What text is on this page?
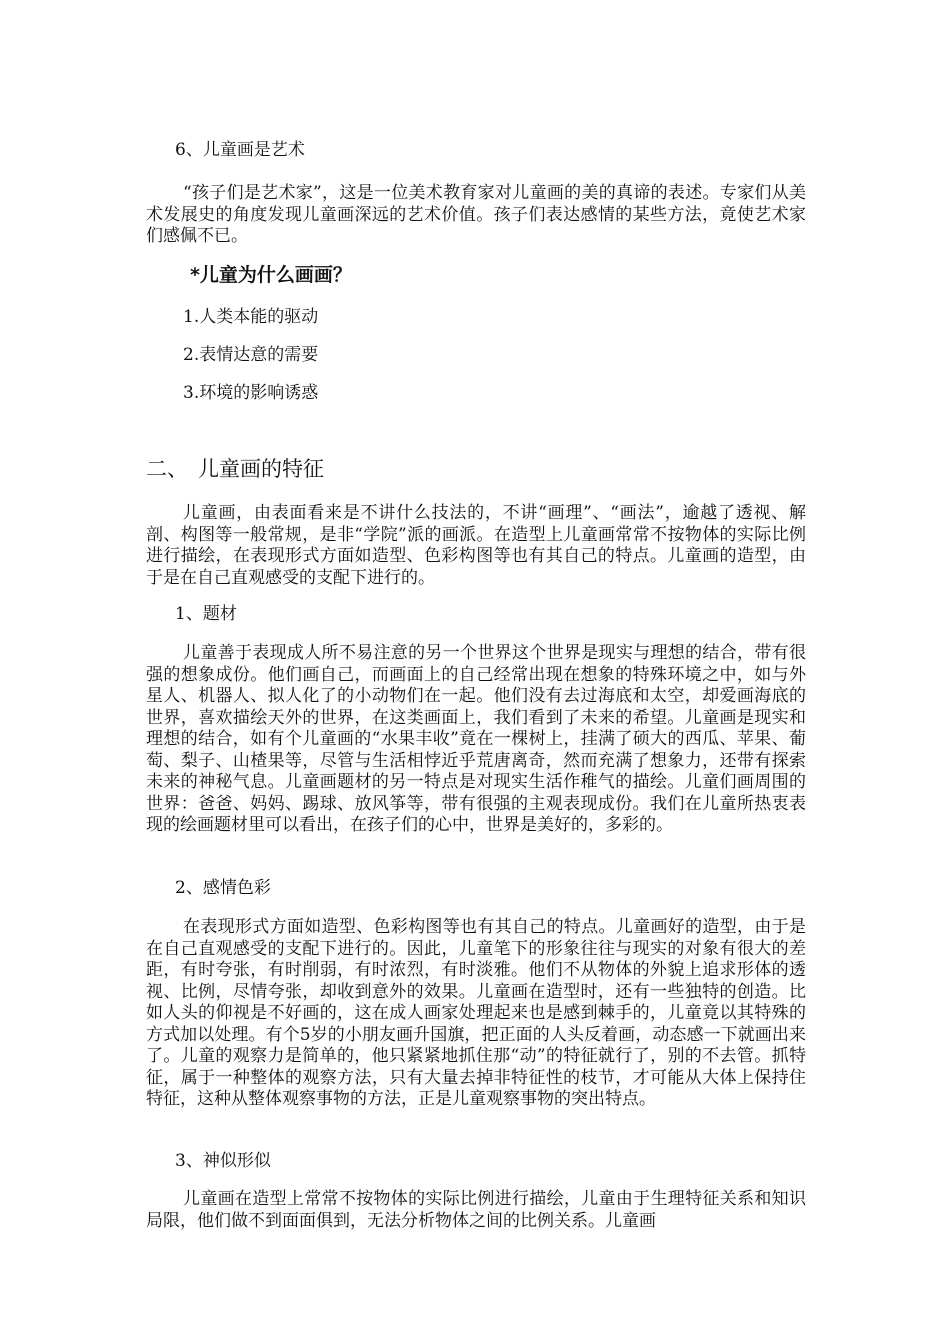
6、儿童画是艺术

“孩子们是艺术家”，这是一位美术教育家对儿童画的美的真谛的表述。专家们从美术发展史的角度发现儿童画深远的艺术价值。孩子们表达感情的某些方法，竟使艺术家们感佩不已。

*儿童为什么画画？
1.人类本能的驱动
2.表情达意的需要
3.环境的影响诱惑
二、 儿童画的特征

儿童画，由表面看来是不讲什么技法的，不讲“画理”、“画法”，逾越了透视、解剖、构图等一般常规，是非“学院”派的画派。在造型上儿童画常常不按物体的实际比例进行描绘，在表现形式方面如造型、色彩构图等也有其自己的特点。儿童画的造型，由于是在自己直观感受的支配下进行的。

1、题材

儿童善于表现成人所不易注意的另一个世界这个世界是现实与理想的结合，带有很强的想象成份。他们画自己，而画面上的自己经常出现在想象的特殊环境之中，如与外星人、机器人、拟人化了的小动物们在一起。他们没有去过海底和太空，却爱画海底的世界，喜欢描绘天外的世界，在这类画面上，我们看到了未来的希望。儿童画是现实和理想的结合，如有个儿童画的“水果丰收”竟在一棵树上，挂满了硕大的西瓜、苹果、葡萄、梨子、山楂果等，尽管与生活相悖近乎荒唐离奇，然而充满了想象力，还带有探索未来的神秘气息。儿童画题材的另一特点是对现实生活作稚气的描绘。儿童们画周围的世界：爸爸、妈妈、踢球、放风筝等，带有很强的主观表现成份。我们在儿童所热衷表现的绘画题材里可以看出，在孩子们的心中，世界是美好的，多彩的。

2、感情色彩

在表现形式方面如造型、色彩构图等也有其自己的特点。儿童画好的造型，由于是在自己直观感受的支配下进行的。因此，儿童笔下的形象往往与现实的对象有很大的差距，有时夸张，有时削弱，有时浓烈，有时淡雅。他们不从物体的外貌上追求形体的透视、比例，尽情夸张，却收到意外的效果。儿童画在造型时，还有一些独特的创造。比如人头的仰视是不好画的，这在成人画家处理起来也是感到棘手的，儿童竟以其特殊的方式加以处理。有个5岁的小朋友画升国旗，把正面的人头反着画，动态感一下就画出来了。儿童的观察力是简单的，他只紧紧地抓住那“动”的特征就行了，别的不去管。抓特征，属于一种整体的观察方法，只有大量去掉非特征性的枝节，才可能从大体上保持住特征，这种从整体观察事物的方法，正是儿童观察事物的突出特点。

3、神似形似

儿童画在造型上常常不按物体的实际比例进行描绘，儿童由于生理特征关系和知识局限，他们做不到面面俱到，无法分析物体之间的比例关系。儿童画
